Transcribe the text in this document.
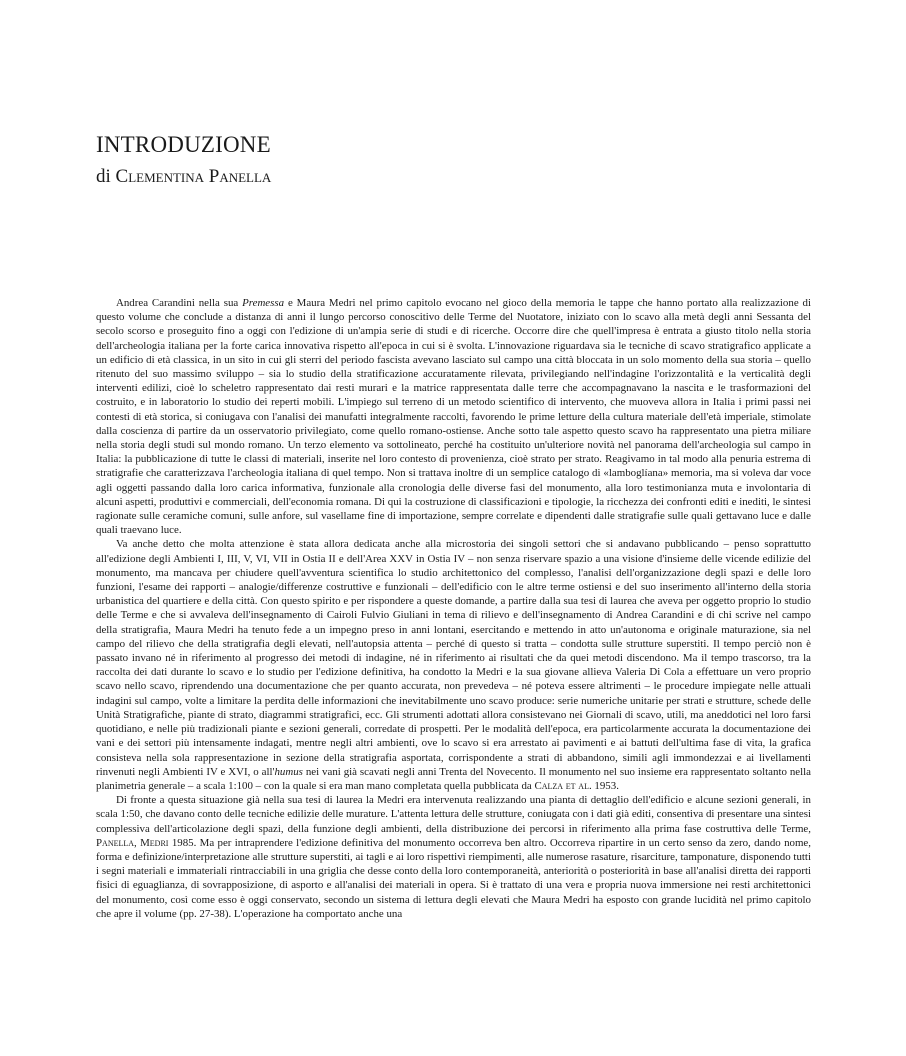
INTRODUZIONE
di Clementina Panella

Andrea Carandini nella sua Premessa e Maura Medri nel primo capitolo evocano nel gioco della memoria le tappe che hanno portato alla realizzazione di questo volume che conclude a distanza di anni il lungo percorso conoscitivo delle Terme del Nuotatore, iniziato con lo scavo alla metà degli anni Sessanta del secolo scorso e proseguito fino a oggi con l'edizione di un'ampia serie di studi e di ricerche. Occorre dire che quell'impresa è entrata a giusto titolo nella storia dell'archeologia italiana per la forte carica innovativa rispetto all'epoca in cui si è svolta. L'innovazione riguardava sia le tecniche di scavo stratigrafico applicate a un edificio di età classica, in un sito in cui gli sterri del periodo fascista avevano lasciato sul campo una città bloccata in un solo momento della sua storia – quello ritenuto del suo massimo sviluppo – sia lo studio della stratificazione accuratamente rilevata, privilegiando nell'indagine l'orizzontalità e la verticalità degli interventi edilizi, cioè lo scheletro rappresentato dai resti murari e la matrice rappresentata dalle terre che accompagnavano la nascita e le trasformazioni del costruito, e in laboratorio lo studio dei reperti mobili. L'impiego sul terreno di un metodo scientifico di intervento, che muoveva allora in Italia i primi passi nei contesti di età storica, si coniugava con l'analisi dei manufatti integralmente raccolti, favorendo le prime letture della cultura materiale dell'età imperiale, stimolate dalla coscienza di partire da un osservatorio privilegiato, come quello romano-ostiense. Anche sotto tale aspetto questo scavo ha rappresentato una pietra miliare nella storia degli studi sul mondo romano. Un terzo elemento va sottolineato, perché ha costituito un'ulteriore novità nel panorama dell'archeologia sul campo in Italia: la pubblicazione di tutte le classi di materiali, inserite nel loro contesto di provenienza, cioè strato per strato. Reagivamo in tal modo alla penuria estrema di stratigrafie che caratterizzava l'archeologia italiana di quel tempo. Non si trattava inoltre di un semplice catalogo di «lamboglíana» memoria, ma si voleva dar voce agli oggetti passando dalla loro carica informativa, funzionale alla cronologia delle diverse fasi del monumento, alla loro testimonianza muta e involontaria di alcuni aspetti, produttivi e commerciali, dell'economia romana. Di qui la costruzione di classificazioni e tipologie, la ricchezza dei confronti editi e inediti, le sintesi ragionate sulle ceramiche comuni, sulle anfore, sul vasellame fine di importazione, sempre correlate e dipendenti dalle stratigrafie sulle quali gettavano luce e dalle quali traevano luce.

Va anche detto che molta attenzione è stata allora dedicata anche alla microstoria dei singoli settori che si andavano pubblicando – penso soprattutto all'edizione degli Ambienti I, III, V, VI, VII in Ostia II e dell'Area XXV in Ostia IV – non senza riservare spazio a una visione d'insieme delle vicende edilizie del monumento, ma mancava per chiudere quell'avventura scientifica lo studio architettonico del complesso, l'analisi dell'organizzazione degli spazi e delle loro funzioni, l'esame dei rapporti – analogie/differenze costruttive e funzionali – dell'edificio con le altre terme ostiensi e del suo inserimento all'interno della storia urbanistica del quartiere e della città. Con questo spirito e per rispondere a queste domande, a partire dalla sua tesi di laurea che aveva per oggetto proprio lo studio delle Terme e che si avvaleva dell'insegnamento di Cairoli Fulvio Giuliani in tema di rilievo e dell'insegnamento di Andrea Carandini e di chi scrive nel campo della stratigrafia, Maura Medri ha tenuto fede a un impegno preso in anni lontani, esercitando e mettendo in atto un'autonoma e originale maturazione, sia nel campo del rilievo che della stratigrafia degli elevati, nell'autopsia attenta – perché di questo si tratta – condotta sulle strutture superstiti. Il tempo perciò non è passato invano né in riferimento al progresso dei metodi di indagine, né in riferimento ai risultati che da quei metodi discendono. Ma il tempo trascorso, tra la raccolta dei dati durante lo scavo e lo studio per l'edizione definitiva, ha condotto la Medri e la sua giovane allieva Valeria Di Cola a effettuare un vero proprio scavo nello scavo, riprendendo una documentazione che per quanto accurata, non prevedeva – né poteva essere altrimenti – le procedure impiegate nelle attuali indagini sul campo, volte a limitare la perdita delle informazioni che inevitabilmente uno scavo produce: serie numeriche unitarie per strati e strutture, schede delle Unità Stratigrafiche, piante di strato, diagrammi stratigrafici, ecc. Gli strumenti adottati allora consistevano nei Giornali di scavo, utili, ma aneddotici nel loro farsi quotidiano, e nelle più tradizionali piante e sezioni generali, corredate di prospetti. Per le modalità dell'epoca, era particolarmente accurata la documentazione dei vani e dei settori più intensamente indagati, mentre negli altri ambienti, ove lo scavo si era arrestato ai pavimenti e ai battuti dell'ultima fase di vita, la grafica consisteva nella sola rappresentazione in sezione della stratigrafia asportata, corrispondente a strati di abbandono, simili agli immondezzai e ai livellamenti rinvenuti negli Ambienti IV e XVI, o all'humus nei vani già scavati negli anni Trenta del Novecento. Il monumento nel suo insieme era rappresentato soltanto nella planimetria generale – a scala 1:100 – con la quale si era man mano completata quella pubblicata da Calza et al. 1953.

Di fronte a questa situazione già nella sua tesi di laurea la Medri era intervenuta realizzando una pianta di dettaglio dell'edificio e alcune sezioni generali, in scala 1:50, che davano conto delle tecniche edilizie delle murature. L'attenta lettura delle strutture, coniugata con i dati già editi, consentiva di presentare una sintesi complessiva dell'articolazione degli spazi, della funzione degli ambienti, della distribuzione dei percorsi in riferimento alla prima fase costruttiva delle Terme, Panella, Medri 1985. Ma per intraprendere l'edizione definitiva del monumento occorreva ben altro. Occorreva ripartire in un certo senso da zero, dando nome, forma e definizione/interpretazione alle strutture superstiti, ai tagli e ai loro rispettivi riempimenti, alle numerose rasature, risarciture, tamponature, disponendo tutti i segni materiali e immateriali rintracciabili in una griglia che desse conto della loro contemporaneità, anteriorità o posteriorità in base all'analisi diretta dei rapporti fisici di eguaglianza, di sovrapposizione, di asporto e all'analisi dei materiali in opera. Si è trattato di una vera e propria nuova immersione nei resti architettonici del monumento, così come esso è oggi conservato, secondo un sistema di lettura degli elevati che Maura Medri ha esposto con grande lucidità nel primo capitolo che apre il volume (pp. 27-38). L'operazione ha comportato anche una
